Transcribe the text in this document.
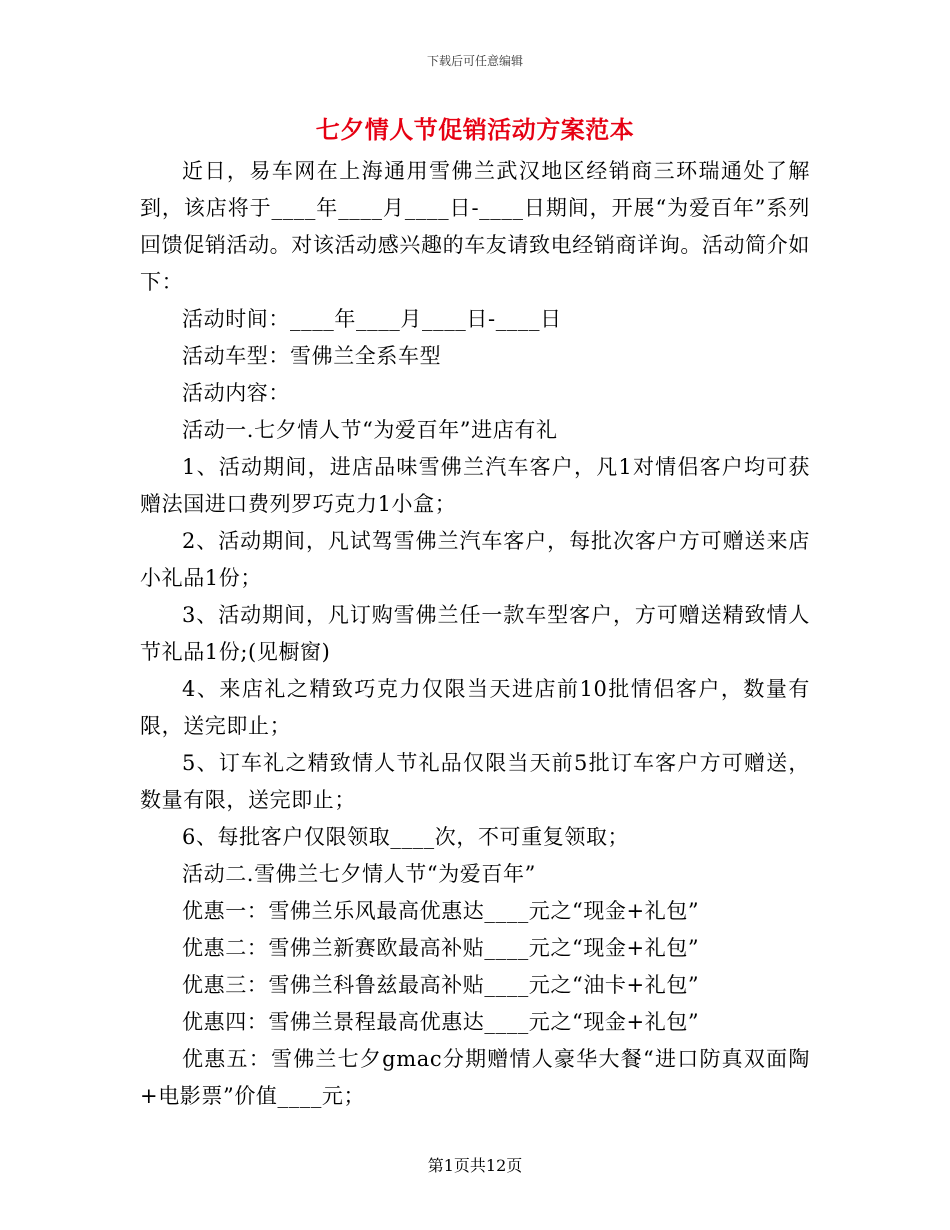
下载后可任意编辑
七夕情人节促销活动方案范本

近日，易车网在上海通用雪佛兰武汉地区经销商三环瑞通处了解到，该店将于____年____月____日-____日期间，开展“为爱百年”系列回馈促销活动。对该活动感兴趣的车友请致电经销商详询。活动简介如下：

活动时间：____年____月____日-____日

活动车型：雪佛兰全系车型

活动内容：

活动一.七夕情人节“为爱百年”进店有礼

1、活动期间，进店品味雪佛兰汽车客户，凡1对情侣客户均可获赠法国进口费列罗巧克力1小盒；

2、活动期间，凡试驾雪佛兰汽车客户，每批次客户方可赠送来店小礼品1份；

3、活动期间，凡订购雪佛兰任一款车型客户，方可赠送精致情人节礼品1份;(见橱窗)

4、来店礼之精致巧克力仅限当天进店前10批情侣客户，数量有限，送完即止；

5、订车礼之精致情人节礼品仅限当天前5批订车客户方可赠送，数量有限，送完即止；

6、每批客户仅限领取____次，不可重复领取；

活动二.雪佛兰七夕情人节“为爱百年”

优惠一：雪佛兰乐风最高优惠达____元之“现金+礼包”

优惠二：雪佛兰新赛欧最高补贴____元之“现金+礼包”

优惠三：雪佛兰科鲁兹最高补贴____元之“油卡+礼包”

优惠四：雪佛兰景程最高优惠达____元之“现金+礼包”

优惠五：雪佛兰七夕gmac分期赠情人豪华大餐“进口防真双面陶+电影票”价值____元；

第1页共12页
